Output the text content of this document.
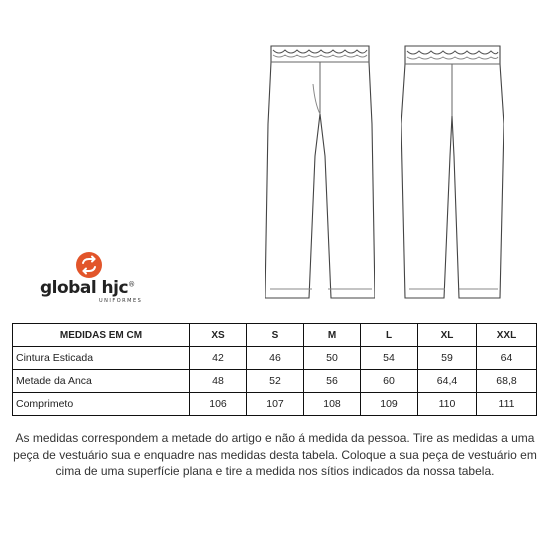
global hjc®
UNIFORMES
MEDIDAS EM CM	XS	S	M	L	XL	XXL
Cintura Esticada	42	46	50	54	59	64
Metade da Anca	48	52	56	60	64,4	68,8
Comprimeto	106	107	108	109	110	111

As medidas correspondem a metade do artigo e não á medida da pessoa. Tire as medidas a uma peça de vestuário sua e enquadre nas medidas desta tabela. Coloque a sua peça de vestuário em cima de uma superfície plana e tire a medida nos sítios indicados da nossa tabela.
